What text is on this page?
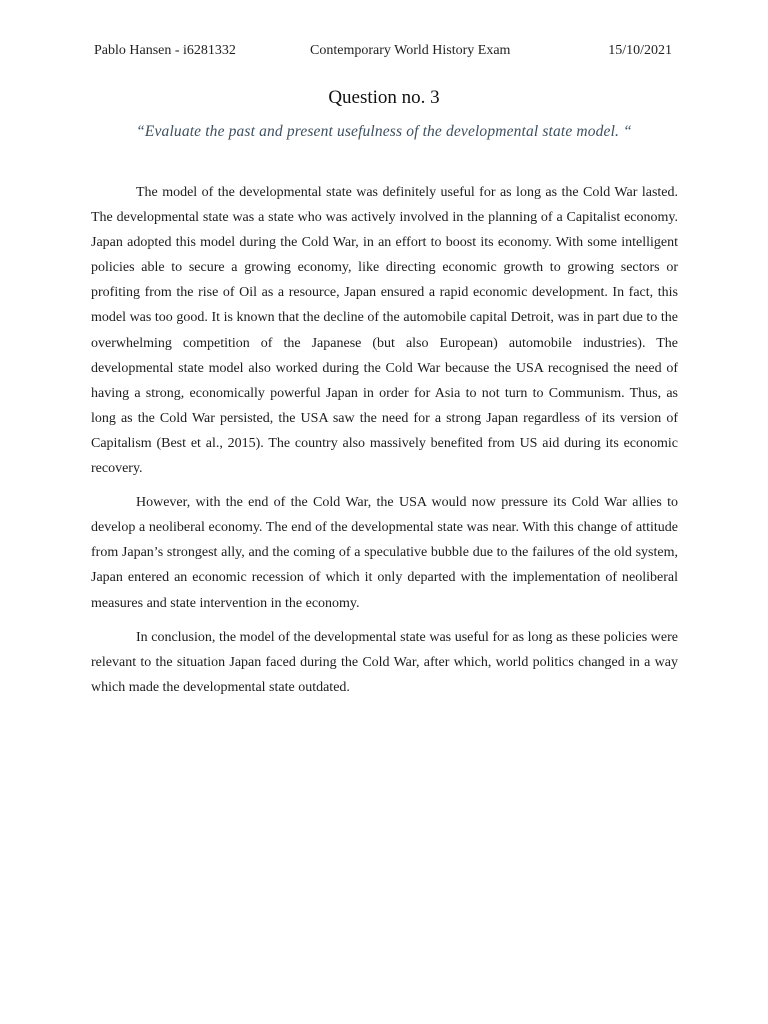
Pablo Hansen - i6281332	Contemporary World History Exam	15/10/2021
Question no. 3
“Evaluate the past and present usefulness of the developmental state model. “

The model of the developmental state was definitely useful for as long as the Cold War lasted. The developmental state was a state who was actively involved in the planning of a Capitalist economy. Japan adopted this model during the Cold War, in an effort to boost its economy. With some intelligent policies able to secure a growing economy, like directing economic growth to growing sectors or profiting from the rise of Oil as a resource, Japan ensured a rapid economic development. In fact, this model was too good. It is known that the decline of the automobile capital Detroit, was in part due to the overwhelming competition of the Japanese (but also European) automobile industries). The developmental state model also worked during the Cold War because the USA recognised the need of having a strong, economically powerful Japan in order for Asia to not turn to Communism. Thus, as long as the Cold War persisted, the USA saw the need for a strong Japan regardless of its version of Capitalism (Best et al., 2015). The country also massively benefited from US aid during its economic recovery.

However, with the end of the Cold War, the USA would now pressure its Cold War allies to develop a neoliberal economy. The end of the developmental state was near. With this change of attitude from Japan’s strongest ally, and the coming of a speculative bubble due to the failures of the old system, Japan entered an economic recession of which it only departed with the implementation of neoliberal measures and state intervention in the economy.

In conclusion, the model of the developmental state was useful for as long as these policies were relevant to the situation Japan faced during the Cold War, after which, world politics changed in a way which made the developmental state outdated.
